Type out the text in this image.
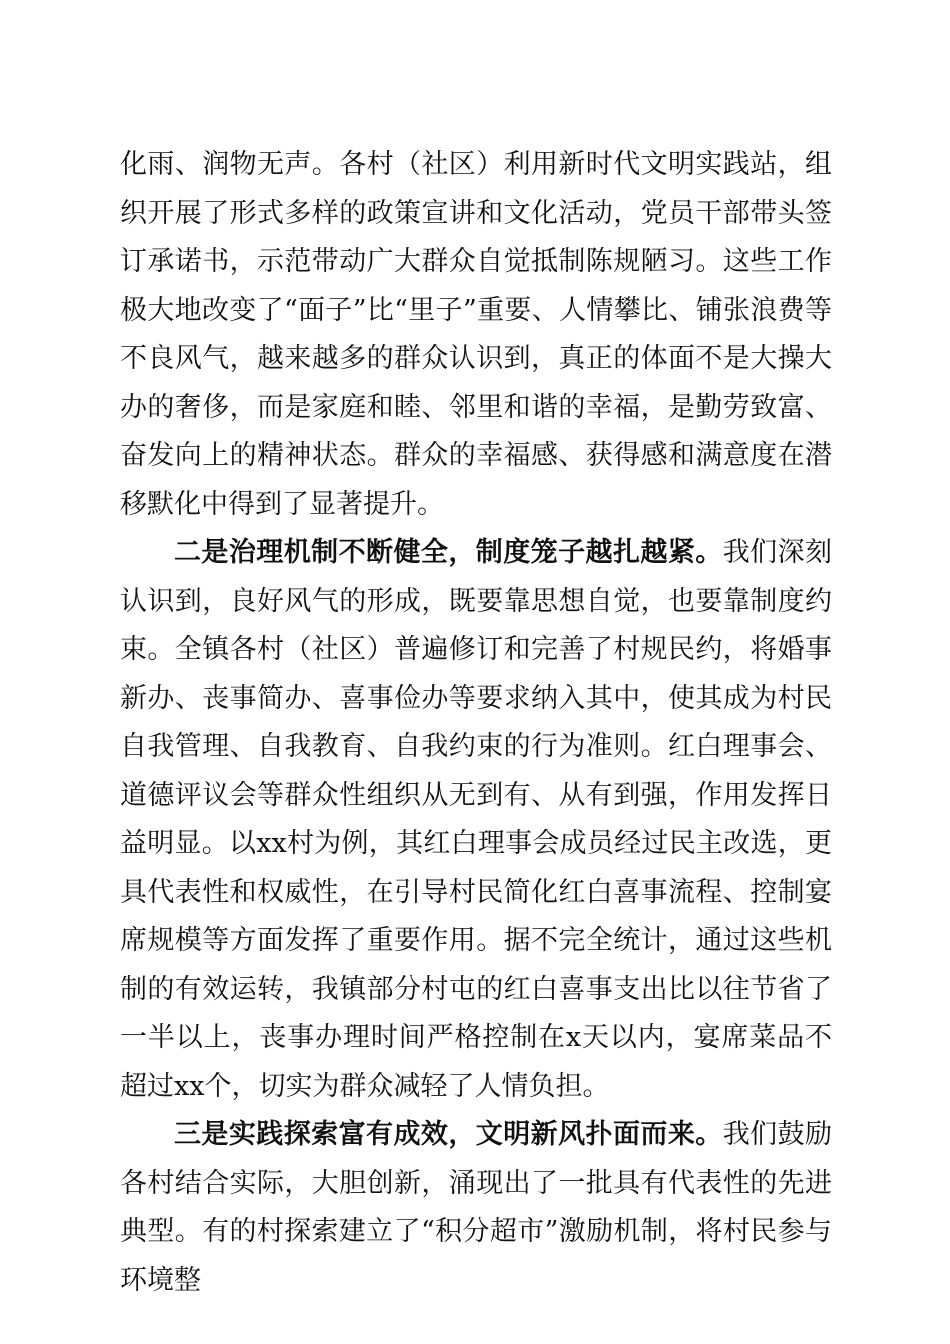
化雨、润物无声。各村（社区）利用新时代文明实践站，组织开展了形式多样的政策宣讲和文化活动，党员干部带头签订承诺书，示范带动广大群众自觉抵制陈规陋习。这些工作极大地改变了“面子”比“里子”重要、人情攀比、铺张浪费等不良风气，越来越多的群众认识到，真正的体面不是大操大办的奢侈，而是家庭和睦、邻里和谐的幸福，是勤劳致富、奋发向上的精神状态。群众的幸福感、获得感和满意度在潜移默化中得到了显著提升。

二是治理机制不断健全，制度笼子越扎越紧。我们深刻认识到，良好风气的形成，既要靠思想自觉，也要靠制度约束。全镇各村（社区）普遍修订和完善了村规民约，将婚事新办、丧事简办、喜事俭办等要求纳入其中，使其成为村民自我管理、自我教育、自我约束的行为准则。红白理事会、道德评议会等群众性组织从无到有、从有到强，作用发挥日益明显。以xx村为例，其红白理事会成员经过民主改选，更具代表性和权威性，在引导村民简化红白喜事流程、控制宴席规模等方面发挥了重要作用。据不完全统计，通过这些机制的有效运转，我镇部分村屯的红白喜事支出比以往节省了一半以上，丧事办理时间严格控制在x天以内，宴席菜品不超过xx个，切实为群众减轻了人情负担。

三是实践探索富有成效，文明新风扑面而来。我们鼓励各村结合实际，大胆创新，涌现出了一批具有代表性的先进典型。有的村探索建立了“积分超市”激励机制，将村民参与环境整
